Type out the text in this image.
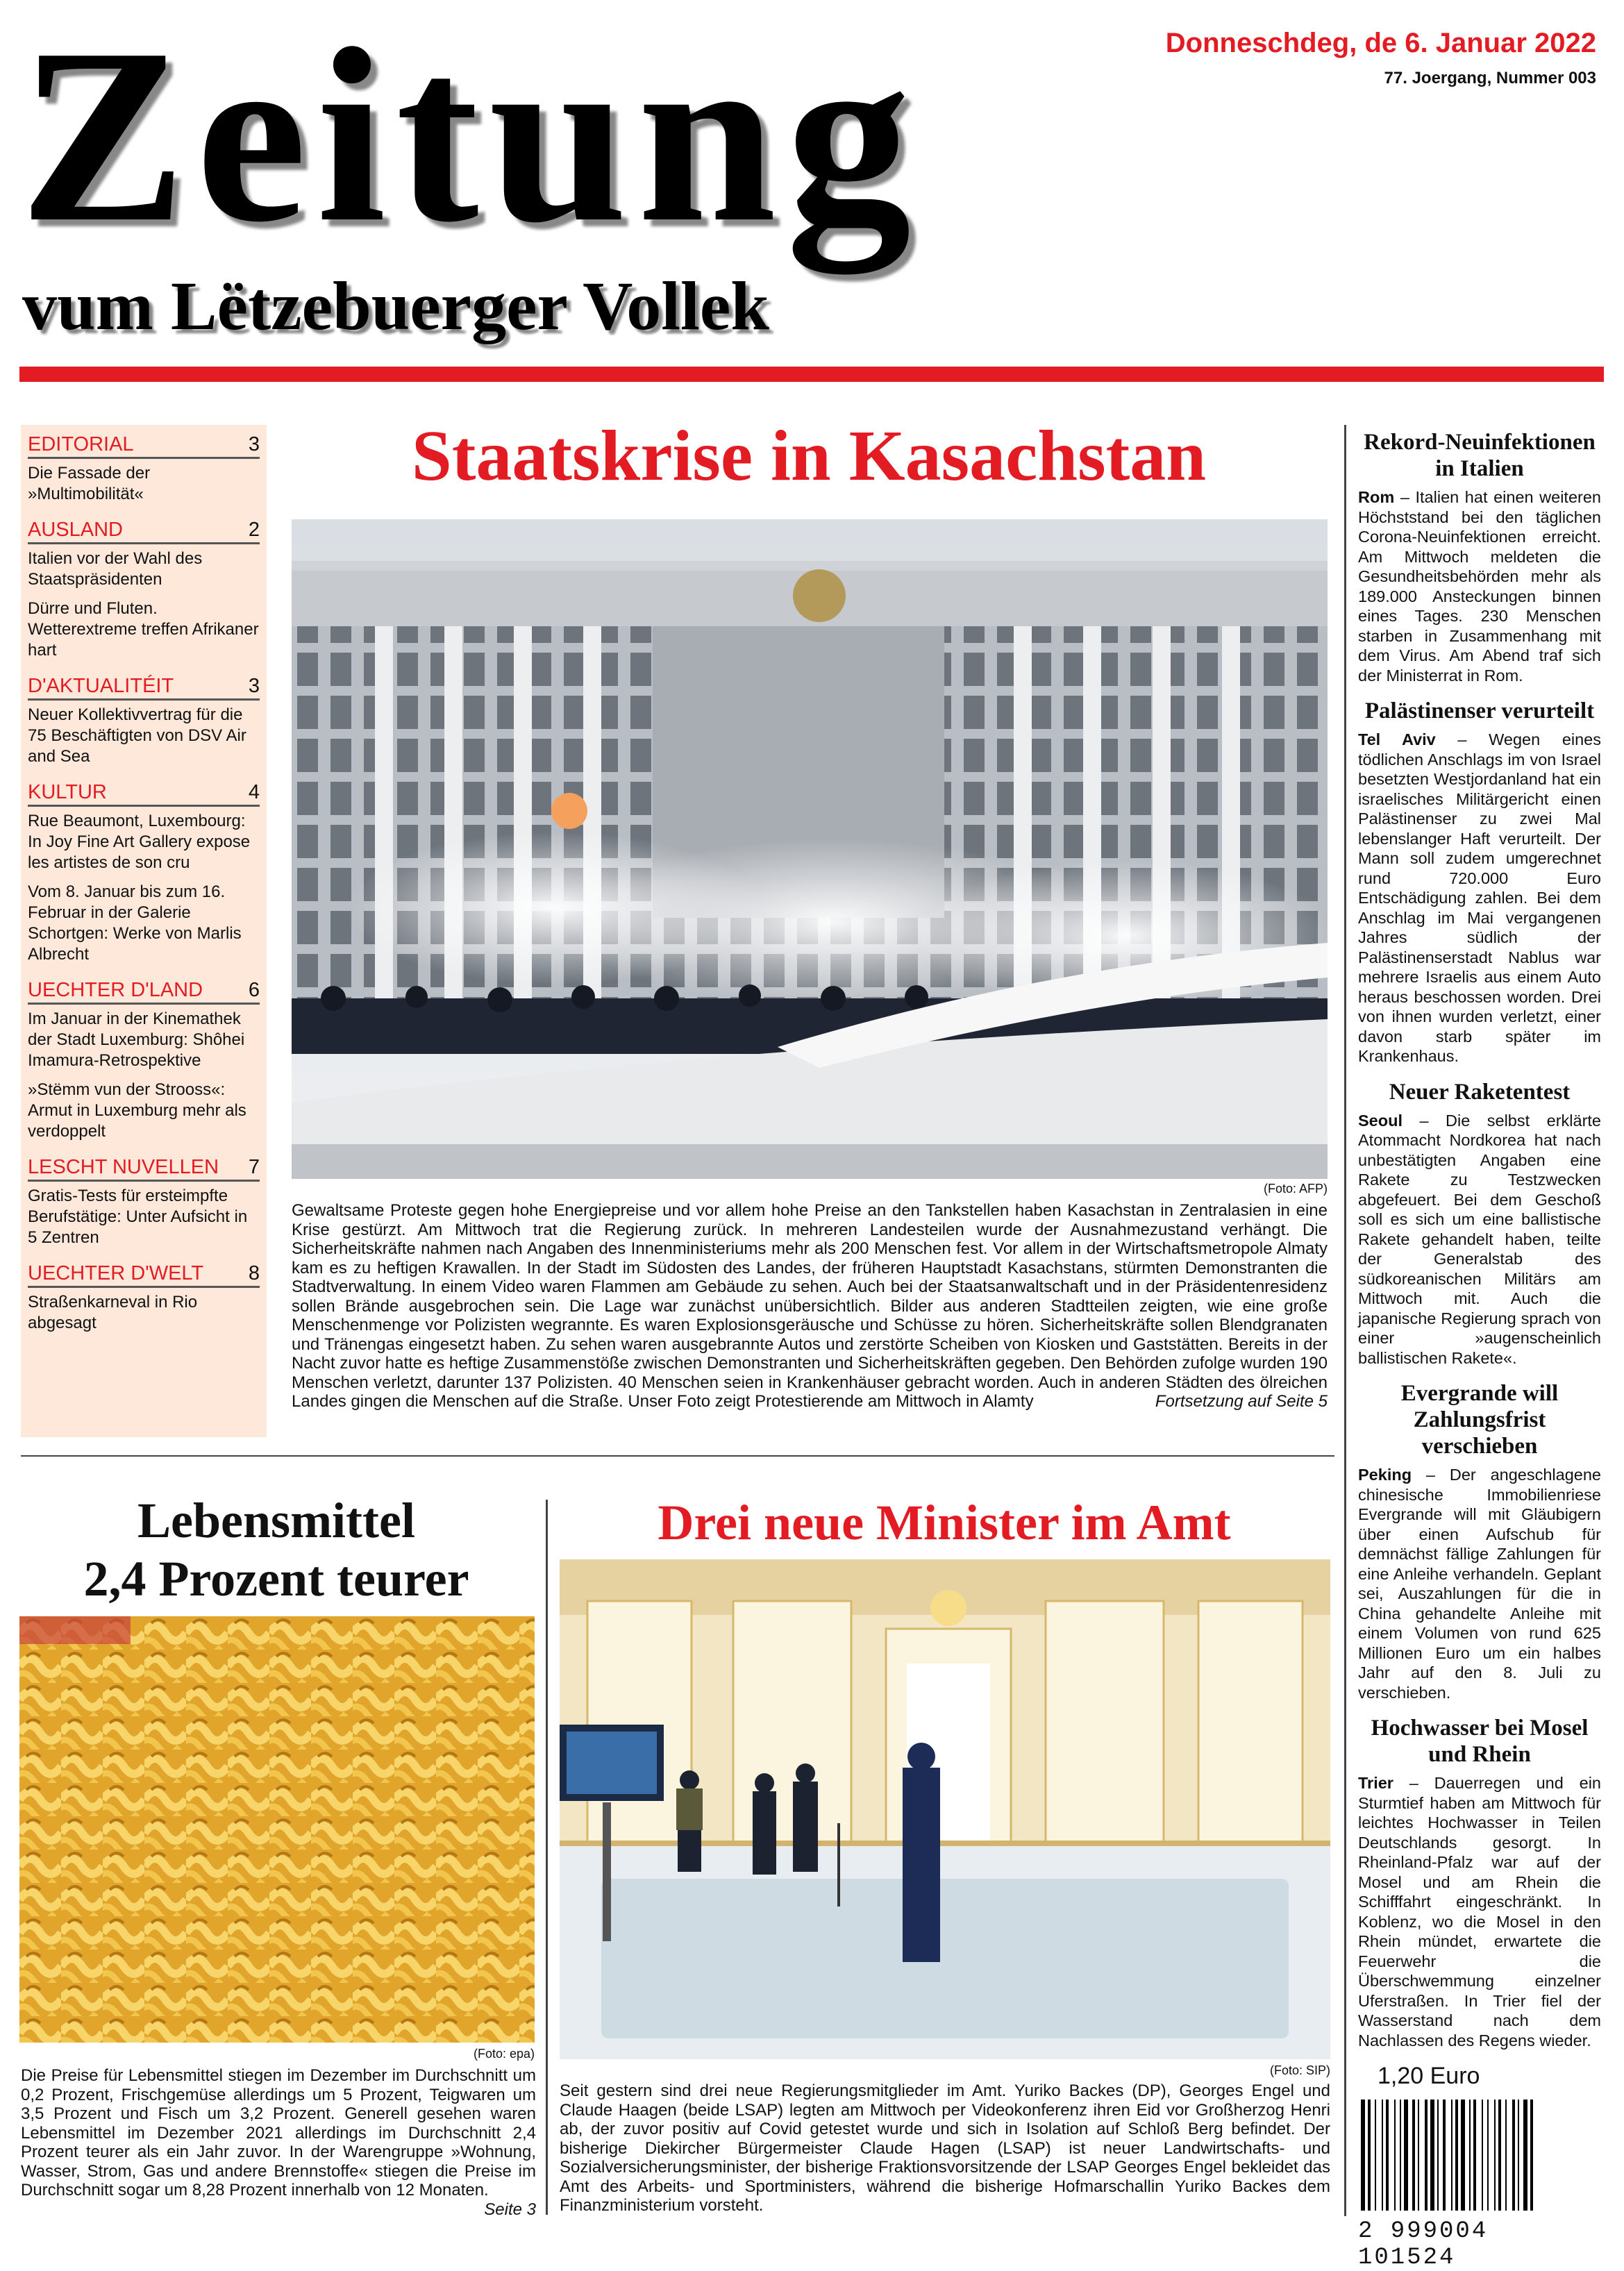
Zeitung
vum Lëtzebuerger Vollek
Donneschdeg, de 6. Januar 2022
77. Joergang, Nummer 003
EDITORIAL	3
Die Fassade der »Multimobilität«
AUSLAND	2
Italien vor der Wahl des Staatspräsidenten
Dürre und Fluten. Wetterextreme treffen Afrikaner hart
D'AKTUALITÉIT	3
Neuer Kollektivvertrag für die 75 Beschäftigten von DSV Air and Sea
KULTUR	4
Rue Beaumont, Luxembourg: In Joy Fine Art Gallery expose les artistes de son cru
Vom 8. Januar bis zum 16. Februar in der Galerie Schortgen: Werke von Marlis Albrecht
UECHTER D'LAND 6
Im Januar in der Kinemathek der Stadt Luxemburg: Shôhei Imamura-Retrospektive
»Stëmm vun der Strooss«: Armut in Luxemburg mehr als verdoppelt
LESCHT NUVELLEN 7
Gratis-Tests für ersteimpfte Berufstätige: Unter Aufsicht in 5 Zentren
UECHTER D'WELT 8
Straßenkarneval in Rio abgesagt
Staatskrise in Kasachstan
(Foto: AFP)
Gewaltsame Proteste gegen hohe Energiepreise und vor allem hohe Preise an den Tankstellen haben Kasachstan in Zentralasien in eine Krise gestürzt. Am Mittwoch trat die Regierung zurück. In mehreren Landesteilen wurde der Ausnahmezustand verhängt. Die Sicherheitskräfte nahmen nach Angaben des Innenministeriums mehr als 200 Menschen fest. Vor allem in der Wirtschaftsmetropole Almaty kam es zu heftigen Krawallen. In der Stadt im Südosten des Landes, der früheren Hauptstadt Kasachstans, stürmten Demonstranten die Stadtverwaltung. In einem Video waren Flammen am Gebäude zu sehen. Auch bei der Staatsanwaltschaft und in der Präsidentenresidenz sollen Brände ausgebrochen sein. Die Lage war zunächst unübersichtlich. Bilder aus anderen Stadtteilen zeigten, wie eine große Menschenmenge vor Polizisten wegrannte. Es waren Explosionsgeräusche und Schüsse zu hören. Sicherheitskräfte sollen Blendgranaten und Tränengas eingesetzt haben. Zu sehen waren ausgebrannte Autos und zerstörte Scheiben von Kiosken und Gaststätten. Bereits in der Nacht zuvor hatte es heftige Zusammenstöße zwischen Demonstranten und Sicherheitskräften gegeben. Den Behörden zufolge wurden 190 Menschen verletzt, darunter 137 Polizisten. 40 Menschen seien in Krankenhäuser gebracht worden. Auch in anderen Städten des ölreichen Landes gingen die Menschen auf die Straße. Unser Foto zeigt Protestierende am Mittwoch in Alamty	Fortsetzung auf Seite 5
Rekord-Neuinfektionen in Italien
Rom – Italien hat einen weiteren Höchststand bei den täglichen Corona-Neuinfektionen erreicht. Am Mittwoch meldeten die Gesundheitsbehörden mehr als 189.000 Ansteckungen binnen eines Tages. 230 Menschen starben in Zusammenhang mit dem Virus. Am Abend traf sich der Ministerrat in Rom.
Palästinenser verurteilt
Tel Aviv – Wegen eines tödlichen Anschlags im von Israel besetzten Westjordanland hat ein israelisches Militärgericht einen Palästinenser zu zwei Mal lebenslanger Haft verurteilt. Der Mann soll zudem umgerechnet rund 720.000 Euro Entschädigung zahlen. Bei dem Anschlag im Mai vergangenen Jahres südlich der Palästinenserstadt Nablus war mehrere Israelis aus einem Auto heraus beschossen worden. Drei von ihnen wurden verletzt, einer davon starb später im Krankenhaus.
Neuer Raketentest
Seoul – Die selbst erklärte Atommacht Nordkorea hat nach unbestätigten Angaben eine Rakete zu Testzwecken abgefeuert. Bei dem Geschoß soll es sich um eine ballistische Rakete gehandelt haben, teilte der Generalstab des südkoreanischen Militärs am Mittwoch mit. Auch die japanische Regierung sprach von einer »augenscheinlich ballistischen Rakete«.
Evergrande will Zahlungsfrist verschieben
Peking – Der angeschlagene chinesische Immobilienriese Evergrande will mit Gläubigern über einen Aufschub für demnächst fällige Zahlungen für eine Anleihe verhandeln. Geplant sei, Auszahlungen für die in China gehandelte Anleihe mit einem Volumen von rund 625 Millionen Euro um ein halbes Jahr auf den 8. Juli zu verschieben.
Hochwasser bei Mosel und Rhein
Trier – Dauerregen und ein Sturmtief haben am Mittwoch für leichtes Hochwasser in Teilen Deutschlands gesorgt. In Rheinland-Pfalz war auf der Mosel und am Rhein die Schifffahrt eingeschränkt. In Koblenz, wo die Mosel in den Rhein mündet, erwartete die Feuerwehr die Überschwemmung einzelner Uferstraßen. In Trier fiel der Wasserstand nach dem Nachlassen des Regens wieder.
1,20 Euro
2 999004 101524
Lebensmittel
2,4 Prozent teurer
(Foto: epa)
Die Preise für Lebensmittel stiegen im Dezember im Durchschnitt um 0,2 Prozent, Frischgemüse allerdings um 5 Prozent, Teigwaren um 3,5 Prozent und Fisch um 3,2 Prozent. Generell gesehen waren Lebensmittel im Dezember 2021 allerdings im Durchschnitt 2,4 Prozent teurer als ein Jahr zuvor. In der Warengruppe »Wohnung, Wasser, Strom, Gas und andere Brennstoffe« stiegen die Preise im Durchschnitt sogar um 8,28 Prozent innerhalb von 12 Monaten.
Seite 3
Drei neue Minister im Amt
(Foto: SIP)
Seit gestern sind drei neue Regierungsmitglieder im Amt. Yuriko Backes (DP), Georges Engel und Claude Haagen (beide LSAP) legten am Mittwoch per Videokonferenz ihren Eid vor Großherzog Henri ab, der zuvor positiv auf Covid getestet wurde und sich in Isolation auf Schloß Berg befindet. Der bisherige Diekircher Bürgermeister Claude Hagen (LSAP) ist neuer Landwirtschafts- und Sozialversicherungsminister, der bisherige Fraktionsvorsitzende der LSAP Georges Engel bekleidet das Amt des Arbeits- und Sportministers, während die bisherige Hofmarschallin Yuriko Backes dem Finanzministerium vorsteht.
